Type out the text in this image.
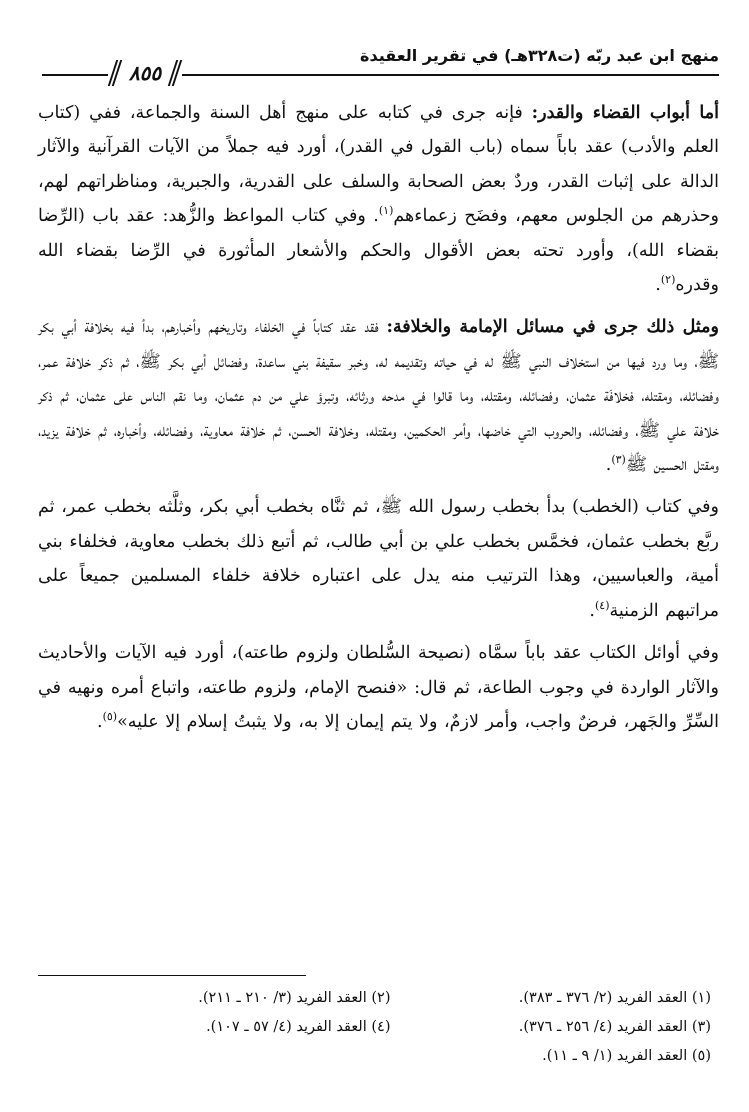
منهج ابن عبد ربّه (ت٣٢٨هـ) في تقرير العقيدة
٨٥٥

أما أبواب القضاء والقدر: فإنه جرى في كتابه على منهج أهل السنة والجماعة، ففي (كتاب العلم والأدب) عقد باباً سماه (باب القول في القدر)، أورد فيه جملاً من الآيات القرآنية والآثار الدالة على إثبات القدر، وردٌ بعض الصحابة والسلف على القدرية، والجبرية، ومناظراتهم لهم، وحذرهم من الجلوس معهم، وفضَح زعماءهم$^{(١)}$. وفي كتاب المواعظ والزُّهد: عقد باب (الرِّضا بقضاء الله)، وأورد تحته بعض الأقوال والحكم والأشعار المأثورة في الرِّضا بقضاء الله وقدره$^{(٢)}$.

ومثل ذلك جرى في مسائل الإمامة والخلافة: فقد عقد كتاباً في الخلفاء وتاريخهم وأخبارهم، بدأ فيه بخلافة أبي بكر ﷺ، وما ورد فيها من استخلاف النبي ﷺ له في حياته وتقديمه له، وخبر سقيفة بني ساعدة، وفضائل أبي بكر ﷺ، ثم ذكر خلافة عمر، وفضائله، ومقتله، فخلافَة عثمان، وفضائله، ومقتله، وما قالوا في مدحه ورثائه، وتبرؤ علي من دم عثمان، وما نقم الناس على عثمان، ثم ذكر خلافة علي ﷺ، وفضائله، والحروب التي خاضها، وأمر الحكمين، ومقتله، وخلافة الحسن، ثم خلافة معاوية، وفضائله، وأخباره، ثم خلافة يزيد، ومقتل الحسين ﷺ$^{(٣)}$.

وفي كتاب (الخطب) بدأ بخطب رسول الله ﷺ، ثم ثنَّاه بخطب أبي بكر، وثلَّثه بخطب عمر، ثم ربَّع بخطب عثمان، فخمَّس بخطب علي بن أبي طالب، ثم أتبع ذلك بخطب معاوية، فخلفاء بني أمية، والعباسيين، وهذا الترتيب منه يدل على اعتباره خلافة خلفاء المسلمين جميعاً على مراتبهم الزمنية$^{(٤)}$.

وفي أوائل الكتاب عقد باباً سمَّاه (نصيحة السُّلطان ولزوم طاعته)، أورد فيه الآيات والأحاديث والآثار الواردة في وجوب الطاعة، ثم قال: «فنصح الإمام، ولزوم طاعته، واتباع أمره ونهيه في السِّرِّ والجَهر، فرضٌ واجب، وأمر لازمٌ، ولا يتم إيمان إلا به، ولا يثبتُ إسلام إلا عليه»$^{(٥)}$.

(١) العقد الفريد (٢/ ٣٧٦ ـ ٣٨٣).
(٢) العقد الفريد (٣/ ٢١٠ ـ ٢١١).
(٣) العقد الفريد (٤/ ٢٥٦ ـ ٣٧٦).
(٤) العقد الفريد (٤/ ٥٧ ـ ١٠٧).
(٥) العقد الفريد (١/ ٩ ـ ١١).
